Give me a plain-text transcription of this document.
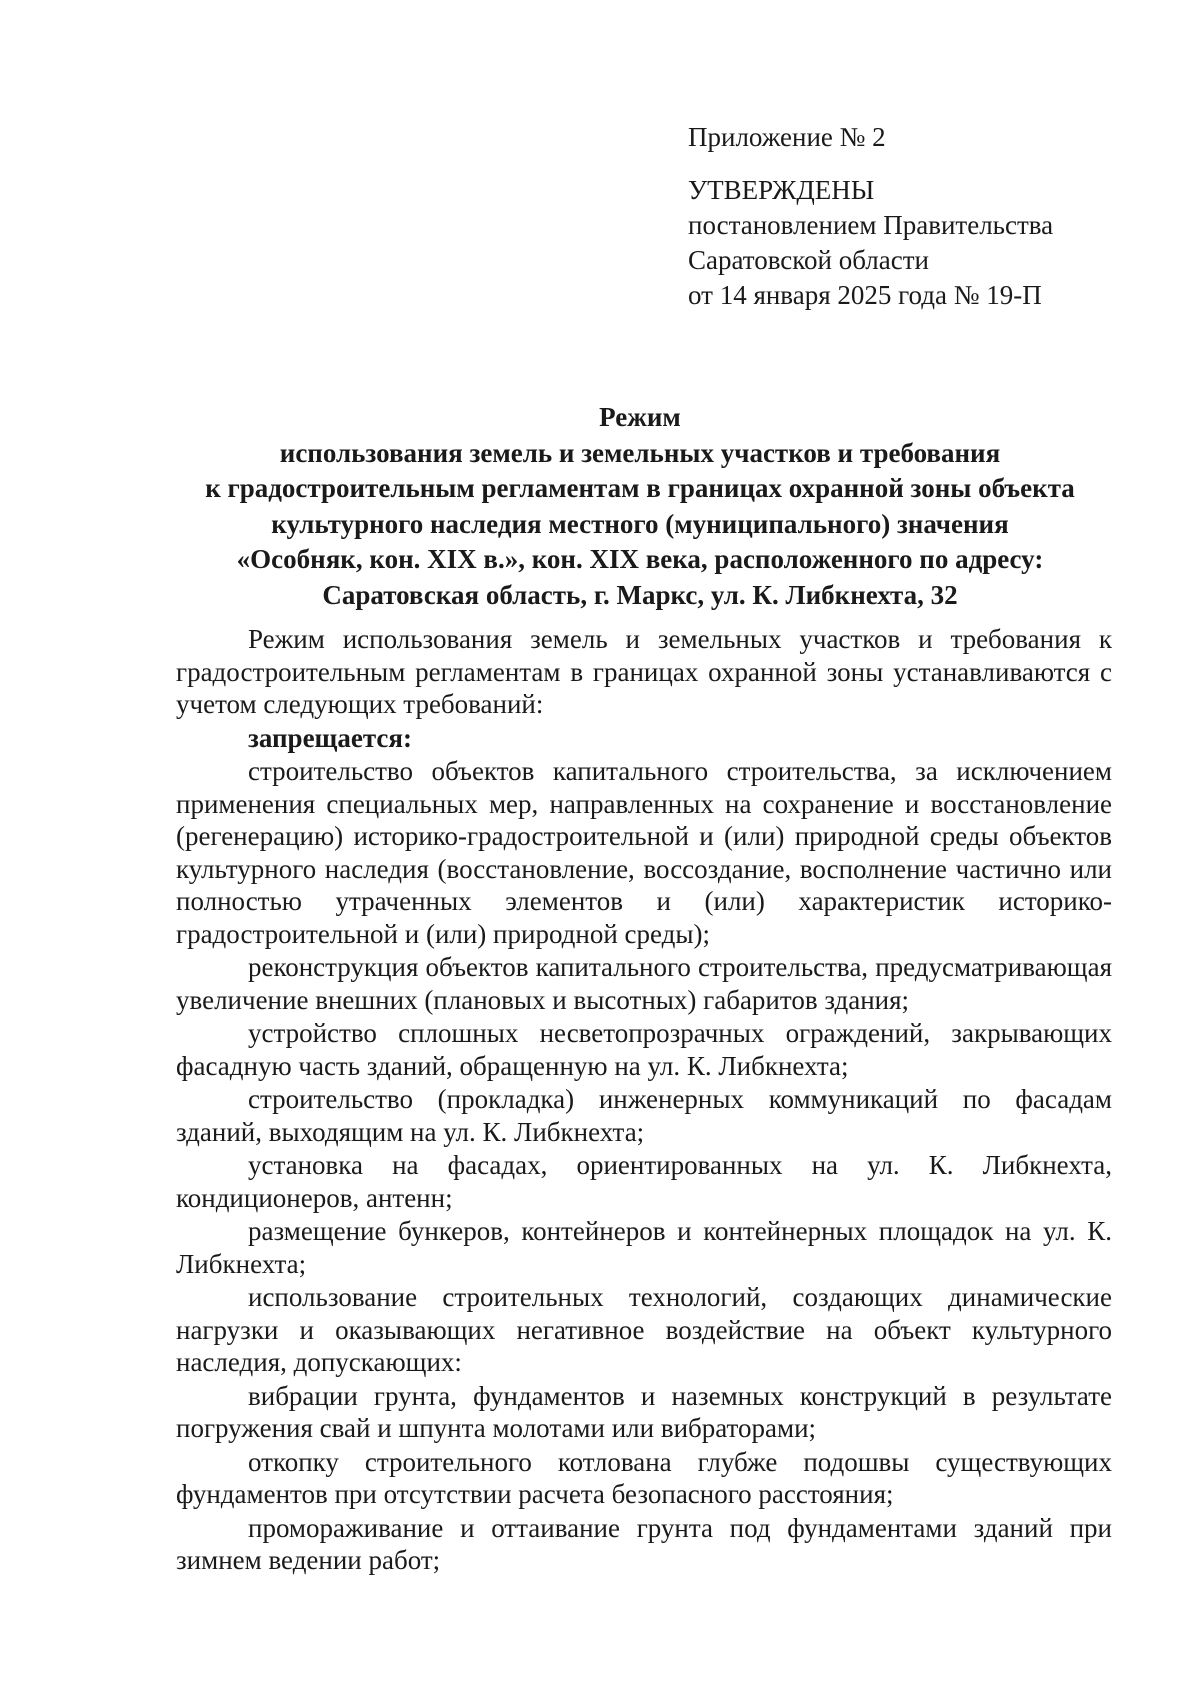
Приложение № 2
УТВЕРЖДЕНЫ
постановлением Правительства
Саратовской области
от 14 января 2025 года № 19-П
Режим
использования земель и земельных участков и требования
к градостроительным регламентам в границах охранной зоны объекта
культурного наследия местного (муниципального) значения
«Особняк, кон. XIX в.», кон. XIX века, расположенного по адресу:
Саратовская область, г. Маркс, ул. К. Либкнехта, 32

Режим использования земель и земельных участков и требования к градостроительным регламентам в границах охранной зоны устанавливаются с учетом следующих требований:

запрещается:

строительство объектов капитального строительства, за исключением применения специальных мер, направленных на сохранение и восстановление (регенерацию) историко-градостроительной и (или) природной среды объектов культурного наследия (восстановление, воссоздание, восполнение частично или полностью утраченных элементов и (или) характеристик историко-градостроительной и (или) природной среды);

реконструкция объектов капитального строительства, предусматривающая увеличение внешних (плановых и высотных) габаритов здания;

устройство сплошных несветопрозрачных ограждений, закрывающих фасадную часть зданий, обращенную на ул. К. Либкнехта;

строительство (прокладка) инженерных коммуникаций по фасадам зданий, выходящим на ул. К. Либкнехта;

установка на фасадах, ориентированных на ул. К. Либкнехта, кондиционеров, антенн;

размещение бункеров, контейнеров и контейнерных площадок на ул. К. Либкнехта;

использование строительных технологий, создающих динамические нагрузки и оказывающих негативное воздействие на объект культурного наследия, допускающих:

вибрации грунта, фундаментов и наземных конструкций в результате погружения свай и шпунта молотами или вибраторами;

откопку строительного котлована глубже подошвы существующих фундаментов при отсутствии расчета безопасного расстояния;

промораживание и оттаивание грунта под фундаментами зданий при зимнем ведении работ;
